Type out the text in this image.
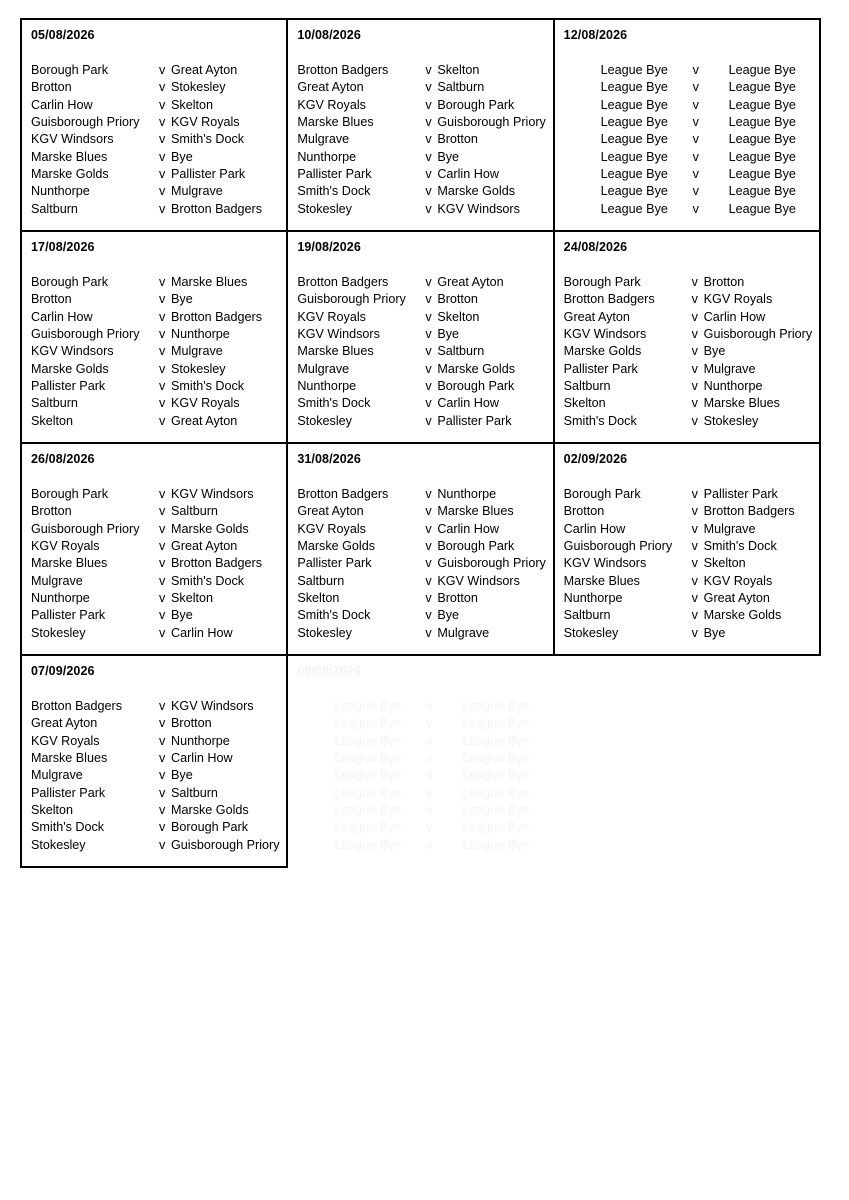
05/08/2026
Borough Park	v Great Ayton
Brotton	v Stokesley
Carlin How	v Skelton
Guisborough Priory v KGV Royals
KGV Windsors	v Smith's Dock
Marske Blues	v Bye
Marske Golds	v Pallister Park
Nunthorpe	v Mulgrave
Saltburn	v Brotton Badgers

10/08/2026
Brotton Badgers	v Skelton
Great Ayton	v Saltburn
KGV Royals	v Borough Park
Marske Blues	v Guisborough Priory
Mulgrave	v Brotton
Nunthorpe	v Bye
Pallister Park	v Carlin How
Smith's Dock	v Marske Golds
Stokesley	v KGV Windsors

12/08/2026
League Bye v League Bye
League Bye v League Bye
League Bye v League Bye
League Bye v League Bye
League Bye v League Bye
League Bye v League Bye
League Bye v League Bye
League Bye v League Bye
League Bye v League Bye

17/08/2026
Borough Park	v Marske Blues
Brotton	v Bye
Carlin How	v Brotton Badgers
Guisborough Priory v Nunthorpe
KGV Windsors	v Mulgrave
Marske Golds	v Stokesley
Pallister Park	v Smith's Dock
Saltburn	v KGV Royals
Skelton	v Great Ayton

19/08/2026
Brotton Badgers	v Great Ayton
Guisborough Priory v Brotton
KGV Royals	v Skelton
KGV Windsors	v Bye
Marske Blues	v Saltburn
Mulgrave	v Marske Golds
Nunthorpe	v Borough Park
Smith's Dock	v Carlin How
Stokesley	v Pallister Park

24/08/2026
Borough Park	v Brotton
Brotton Badgers	v KGV Royals
Great Ayton	v Carlin How
KGV Windsors	v Guisborough Priory
Marske Golds	v Bye
Pallister Park	v Mulgrave
Saltburn	v Nunthorpe
Skelton	v Marske Blues
Smith's Dock	v Stokesley

26/08/2026
Borough Park	v KGV Windsors
Brotton	v Saltburn
Guisborough Priory v Marske Golds
KGV Royals	v Great Ayton
Marske Blues	v Brotton Badgers
Mulgrave	v Smith's Dock
Nunthorpe	v Skelton
Pallister Park	v Bye
Stokesley	v Carlin How

31/08/2026
Brotton Badgers	v Nunthorpe
Great Ayton	v Marske Blues
KGV Royals	v Carlin How
Marske Golds	v Borough Park
Pallister Park	v Guisborough Priory
Saltburn	v KGV Windsors
Skelton	v Brotton
Smith's Dock	v Bye
Stokesley	v Mulgrave

02/09/2026
Borough Park	v Pallister Park
Brotton	v Brotton Badgers
Carlin How	v Mulgrave
Guisborough Priory v Smith's Dock
KGV Windsors	v Skelton
Marske Blues	v KGV Royals
Nunthorpe	v Great Ayton
Saltburn	v Marske Golds
Stokesley	v Bye

07/09/2026
Brotton Badgers	v KGV Windsors
Great Ayton	v Brotton
KGV Royals	v Nunthorpe
Marske Blues	v Carlin How
Mulgrave	v Bye
Pallister Park	v Saltburn
Skelton	v Marske Golds
Smith's Dock	v Borough Park
Stokesley	v Guisborough Priory

09/09/2026
League Bye v League Bye
League Bye v League Bye
League Bye v League Bye
League Bye v League Bye
League Bye v League Bye
League Bye v League Bye
League Bye v League Bye
League Bye v League Bye
League Bye v League Bye
